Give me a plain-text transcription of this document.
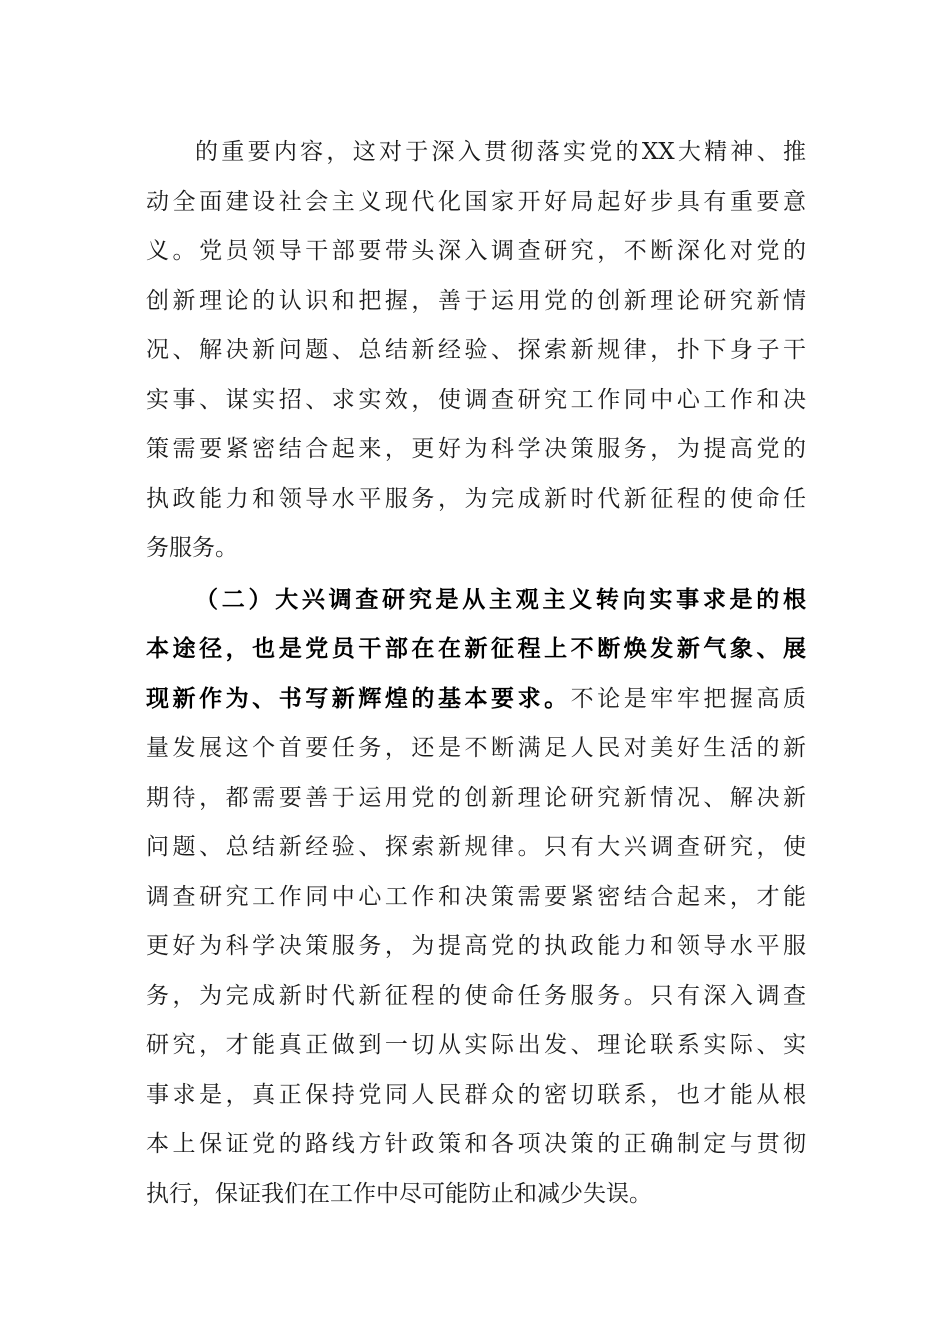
的重要内容，这对于深入贯彻落实党的XX大精神、推

动全面建设社会主义现代化国家开好局起好步具有重要意

义。党员领导干部要带头深入调查研究，不断深化对党的

创新理论的认识和把握，善于运用党的创新理论研究新情

况、解决新问题、总结新经验、探索新规律，扑下身子干

实事、谋实招、求实效，使调查研究工作同中心工作和决

策需要紧密结合起来，更好为科学决策服务，为提高党的

执政能力和领导水平服务，为完成新时代新征程的使命任

务服务。

（二）大兴调查研究是从主观主义转向实事求是的根

本途径，也是党员干部在在新征程上不断焕发新气象、展

现新作为、书写新辉煌的基本要求。不论是牢牢把握高质

量发展这个首要任务，还是不断满足人民对美好生活的新

期待，都需要善于运用党的创新理论研究新情况、解决新

问题、总结新经验、探索新规律。只有大兴调查研究，使

调查研究工作同中心工作和决策需要紧密结合起来，才能

更好为科学决策服务，为提高党的执政能力和领导水平服

务，为完成新时代新征程的使命任务服务。只有深入调查

研究，才能真正做到一切从实际出发、理论联系实际、实

事求是，真正保持党同人民群众的密切联系，也才能从根

本上保证党的路线方针政策和各项决策的正确制定与贯彻

执行，保证我们在工作中尽可能防止和减少失误。
